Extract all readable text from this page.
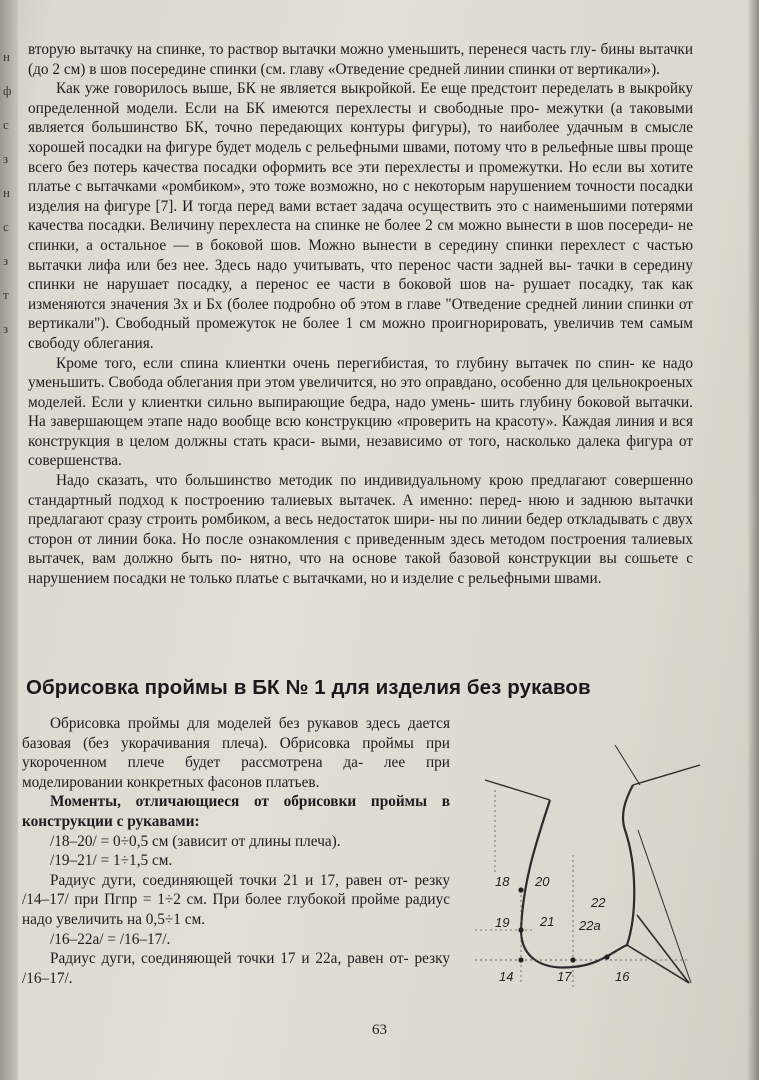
н
ф
с
з
н
с
з
т
з

вторую вытачку на спинке, то раствор вытачки можно уменьшить, перенеся часть глу- бины вытачки (до 2 см) в шов посередине спинки (см. главу «Отведение средней линии спинки от вертикали»).

Как уже говорилось выше, БК не является выкройкой. Ее еще предстоит переделать в выкройку определенной модели. Если на БК имеются перехлесты и свободные про- межутки (а таковыми является большинство БК, точно передающих контуры фигуры), то наиболее удачным в смысле хорошей посадки на фигуре будет модель с рельефными швами, потому что в рельефные швы проще всего без потерь качества посадки оформить все эти перехлесты и промежутки. Но если вы хотите платье с вытачками «ромбиком», это тоже возможно, но с некоторым нарушением точности посадки изделия на фигуре [7]. И тогда перед вами встает задача осуществить это с наименьшими потерями качества посадки. Величину перехлеста на спинке не более 2 см можно вынести в шов посереди- не спинки, а остальное — в боковой шов. Можно вынести в середину спинки перехлест с частью вытачки лифа или без нее. Здесь надо учитывать, что перенос части задней вы- тачки в середину спинки не нарушает посадку, а перенос ее части в боковой шов на- рушает посадку, так как изменяются значения 3х и Бх (более подробно об этом в главе "Отведение средней линии спинки от вертикали"). Свободный промежуток не более 1 см можно проигнорировать, увеличив тем самым свободу облегания.

Кроме того, если спина клиентки очень перегибистая, то глубину вытачек по спин- ке надо уменьшить. Свобода облегания при этом увеличится, но это оправдано, особенно для цельнокроеных моделей. Если у клиентки сильно выпирающие бедра, надо умень- шить глубину боковой вытачки. На завершающем этапе надо вообще всю конструкцию «проверить на красоту». Каждая линия и вся конструкция в целом должны стать краси- выми, независимо от того, насколько далека фигура от совершенства.

Надо сказать, что большинство методик по индивидуальному крою предлагают совершенно стандартный подход к построению талиевых вытачек. А именно: перед- нюю и заднюю вытачки предлагают сразу строить ромбиком, а весь недостаток шири- ны по линии бедер откладывать с двух сторон от линии бока. Но после ознакомления с приведенным здесь методом построения талиевых вытачек, вам должно быть по- нятно, что на основе такой базовой конструкции вы сошьете с нарушением посадки не только платье с вытачками, но и изделие с рельефными швами.

Обрисовка проймы в БК № 1 для изделия без рукавов

Обрисовка проймы для моделей без рукавов здесь дается базовая (без укорачивания плеча). Обрисовка проймы при укороченном плече будет рассмотрена да- лее при моделировании конкретных фасонов платьев.

Моменты, отличающиеся от обрисовки проймы в конструкции с рукавами:

/18–20/ = 0÷0,5 см (зависит от длины плеча).

/19–21/ = 1÷1,5 см.

Радиус дуги, соединяющей точки 21 и 17, равен от- резку /14–17/ при Пгпр = 1÷2 см. При более глубокой пройме радиус надо увеличить на 0,5÷1 см.

/16–22а/ = /16–17/.

Радиус дуги, соединяющей точки 17 и 22а, равен от- резку /16–17/.

18 20
19 21
22
22а
14	17	16
63
